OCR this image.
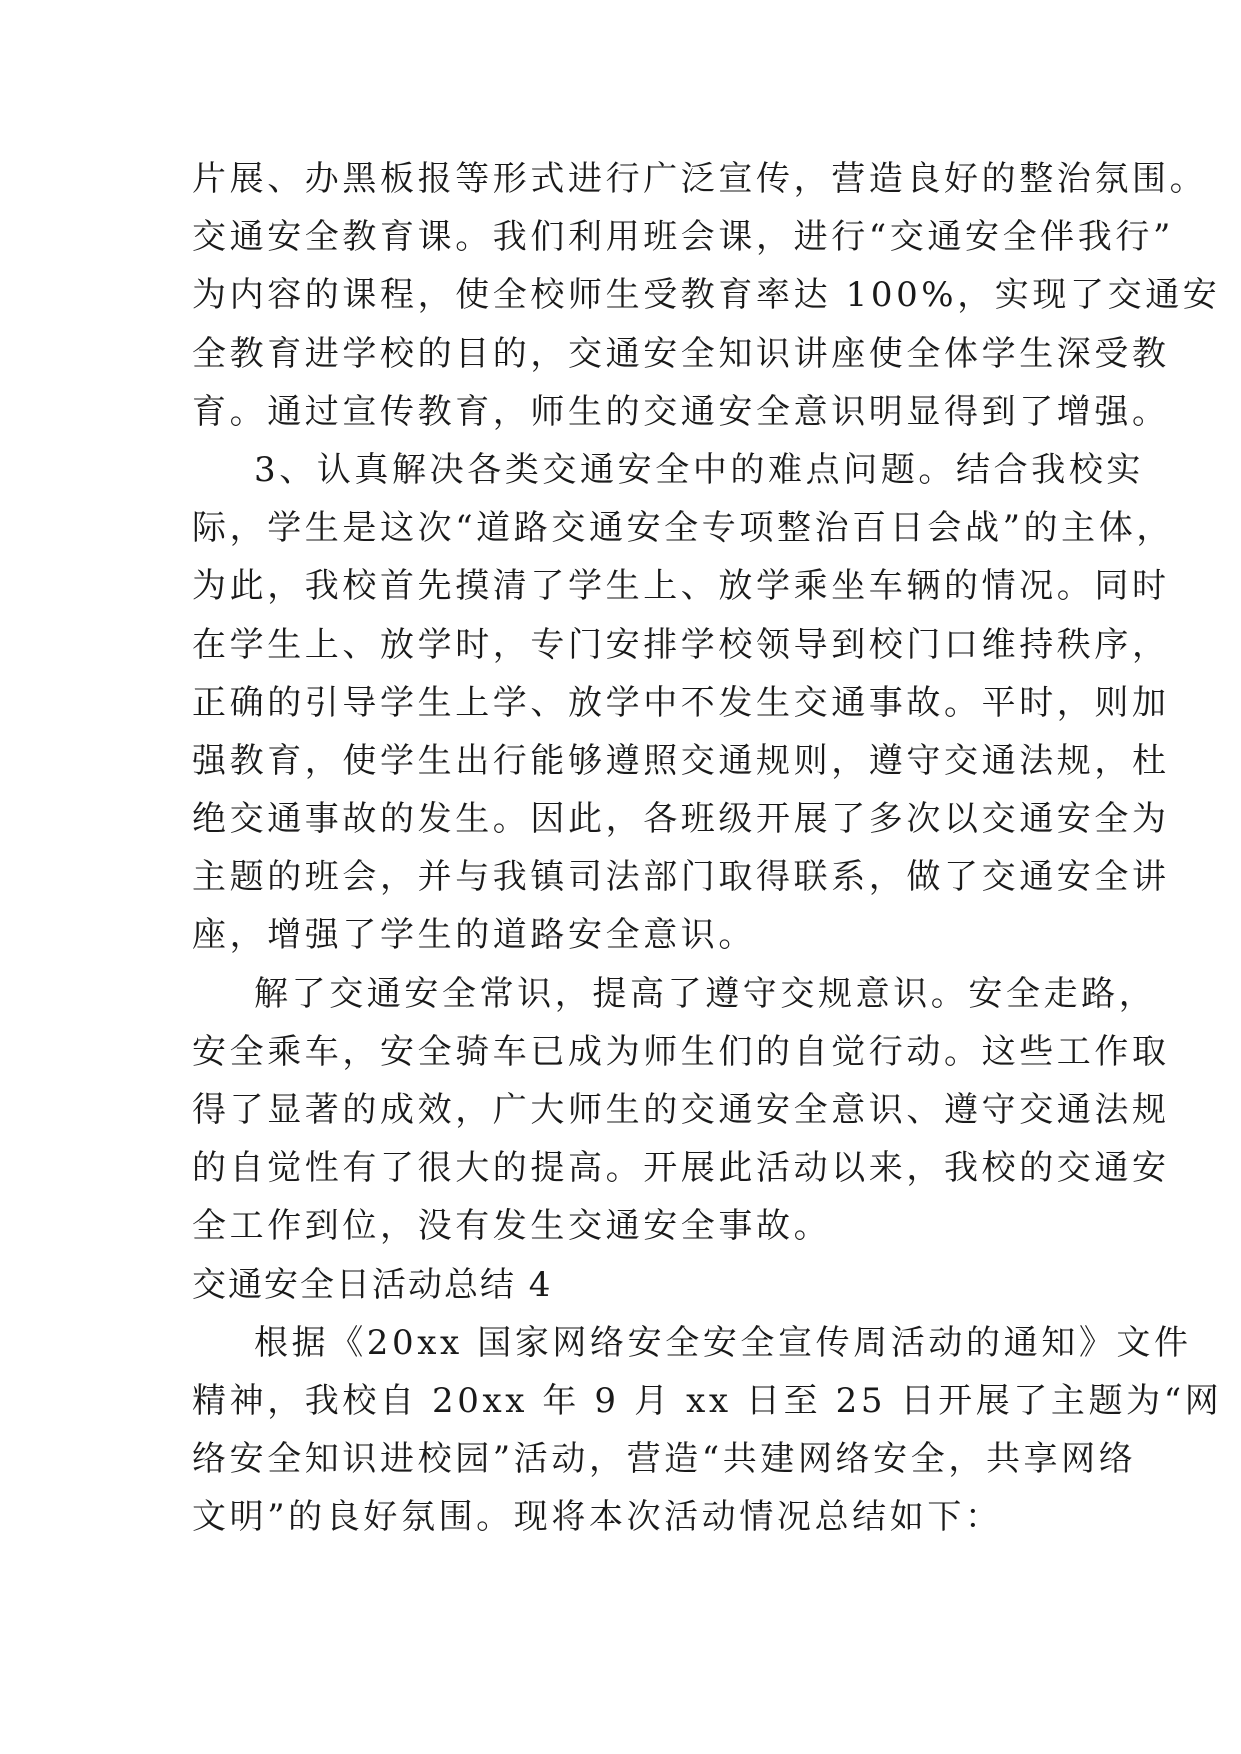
片展、办黑板报等形式进行广泛宣传，营造良好的整治氛围。
交通安全教育课。我们利用班会课，进行“交通安全伴我行”
为内容的课程，使全校师生受教育率达 100%，实现了交通安
全教育进学校的目的，交通安全知识讲座使全体学生深受教
育。通过宣传教育，师生的交通安全意识明显得到了增强。
3、认真解决各类交通安全中的难点问题。结合我校实
际，学生是这次“道路交通安全专项整治百日会战”的主体，
为此，我校首先摸清了学生上、放学乘坐车辆的情况。同时
在学生上、放学时，专门安排学校领导到校门口维持秩序，
正确的引导学生上学、放学中不发生交通事故。平时，则加
强教育，使学生出行能够遵照交通规则，遵守交通法规，杜
绝交通事故的发生。因此，各班级开展了多次以交通安全为
主题的班会，并与我镇司法部门取得联系，做了交通安全讲
座，增强了学生的道路安全意识。
解了交通安全常识，提高了遵守交规意识。安全走路，
安全乘车，安全骑车已成为师生们的自觉行动。这些工作取
得了显著的成效，广大师生的交通安全意识、遵守交通法规
的自觉性有了很大的提高。开展此活动以来，我校的交通安
全工作到位，没有发生交通安全事故。
交通安全日活动总结 4
根据《20xx 国家网络安全安全宣传周活动的通知》文件
精神，我校自 20xx 年 9 月 xx 日至 25 日开展了主题为“网
络安全知识进校园”活动，营造“共建网络安全，共享网络
文明”的良好氛围。现将本次活动情况总结如下：
